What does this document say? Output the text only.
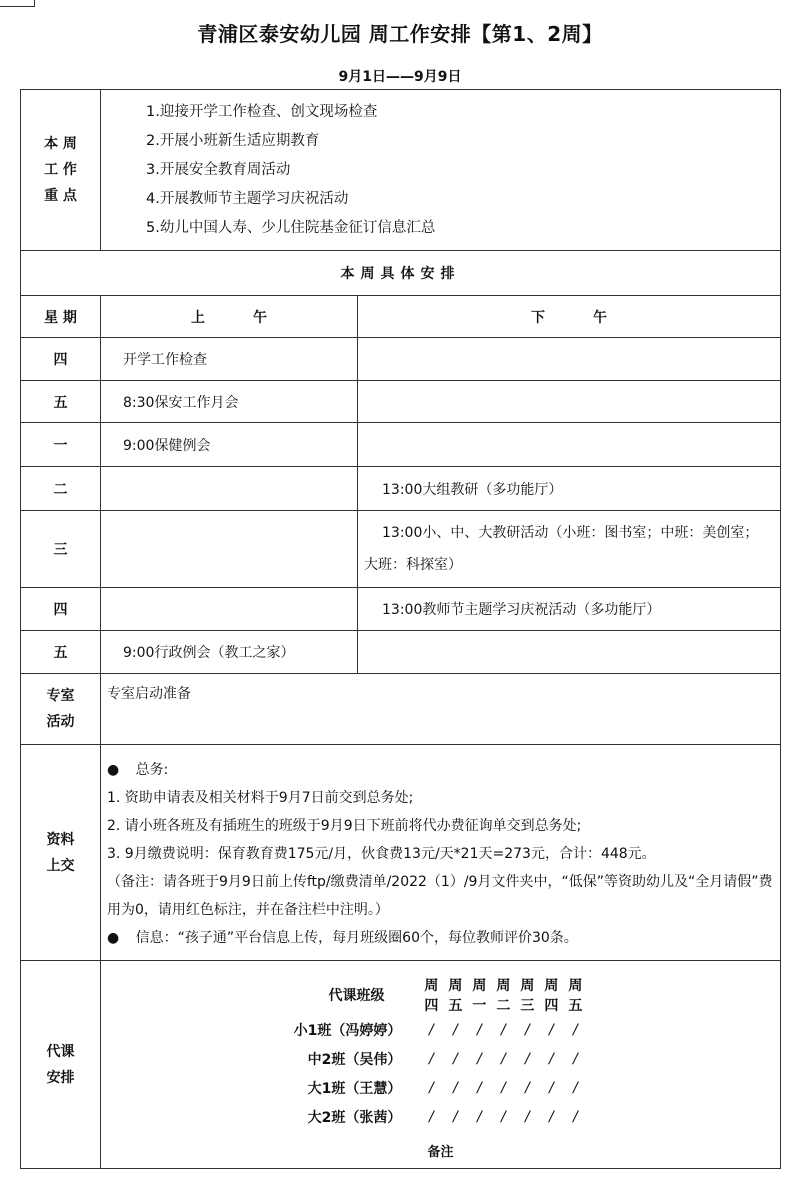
青浦区泰安幼儿园 周工作安排【第1、2周】
9月1日——9月9日
本 周
工 作
重 点

1.迎接开学工作检查、创文现场检查
2.开展小班新生适应期教育
3.开展安全教育周活动
4.开展教师节主题学习庆祝活动
5.幼儿中国人寿、少儿住院基金征订信息汇总

本周具体安排
星 期	上午	下午
四	开学工作检查	
五	8:30保安工作月会	
一	9:00保健例会	
二		13:00大组教研（多功能厅）
三		13:00小、中、大教研活动（小班：图书室；中班：美创室；大班：科探室）
四		13:00教师节主题学习庆祝活动（多功能厅）
五	9:00行政例会（教工之家）	

专室
活动
	专室启动准备

资料
上交

● 总务:
1. 资助申请表及相关材料于9月7日前交到总务处;
2. 请小班各班及有插班生的班级于9月9日下班前将代办费征询单交到总务处;
3. 9月缴费说明：保育教育费175元/月，伙食费13元/天*21天=273元，合计：448元。
（备注：请各班于9月9日前上传ftp/缴费清单/2022（1）/9月文件夹中，“低保”等资助幼儿及“全月请假”费用为0，请用红色标注，并在备注栏中注明。）
● 信息：“孩子通”平台信息上传，每月班级圈60个，每位教师评价30条。

代课
安排

代课班级	周四	周五	周一	周二	周三	周四	周五
小1班（冯婷婷）	/	/	/	/	/	/	/
中2班（吴伟）	/	/	/	/	/	/	/
大1班（王慧）	/	/	/	/	/	/	/
大2班（张茜）	/	/	/	/	/	/	/
备注
